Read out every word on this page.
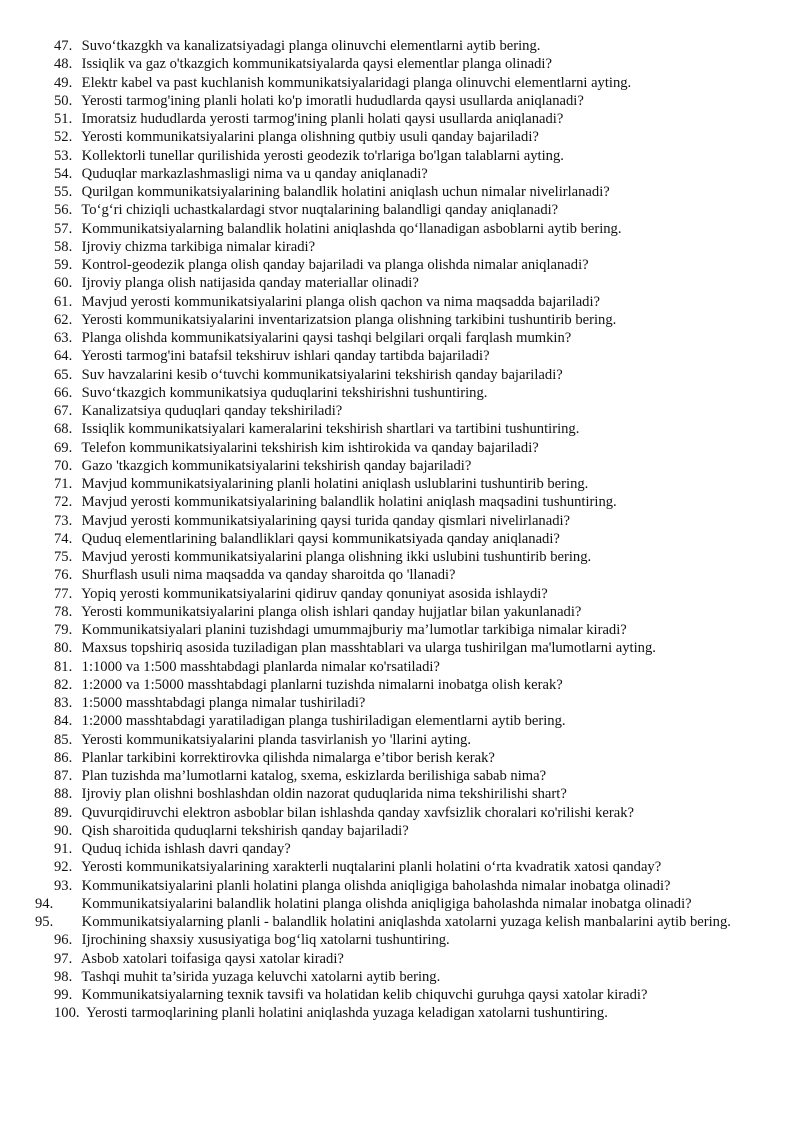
47. Suvo‘tkazgkh va kanalizatsiyadagi planga olinuvchi elementlarni aytib bering.

48. Issiqlik va gaz o'tkazgich kommunikatsiyalarda qaysi elementlar planga olinadi?

49. Elektr kabel va past kuchlanish kommunikatsiyalaridagi planga olinuvchi elementlarni ayting.

50. Yerosti tarmog'ining planli holati ko'p imoratli hududlarda qaysi usullarda aniqlanadi?

51. Imoratsiz hududlarda yerosti tarmog'ining planli holati qaysi usullarda aniqlanadi?

52. Yerosti kommunikatsiyalarini planga olishning qutbiy usuli qanday bajariladi?

53. Kollektorli tunellar qurilishida yerosti geodezik to'rlariga bo'lgan talablarni ayting.

54. Quduqlar markazlashmasligi nima va u qanday aniqlanadi?

55. Qurilgan kommunikatsiyalarining balandlik holatini aniqlash uchun nimalar nivelirlanadi?

56. To‘g‘ri chiziqli uchastkalardagi stvor nuqtalarining balandligi qanday aniqlanadi?

57. Kommunikatsiyalarning balandlik holatini aniqlashda qo‘llanadigan asboblarni aytib bering.

58. Ijroviy chizma tarkibiga nimalar kiradi?

59. Kontrol-geodezik planga olish qanday bajariladi va planga olishda nimalar aniqlanadi?

60. Ijroviy planga olish natijasida qanday materiallar olinadi?

61. Mavjud yerosti kommunikatsiyalarini planga olish qachon va nima maqsadda bajariladi?

62. Yerosti kommunikatsiyalarini inventarizatsion planga olishning tarkibini tushuntirib bering.

63. Planga olishda kommunikatsiyalarini qaysi tashqi belgilari orqali farqlash mumkin?

64. Yerosti tarmog'ini batafsil tekshiruv ishlari qanday tartibda bajariladi?

65. Suv havzalarini kesib o‘tuvchi kommunikatsiyalarini tekshirish qanday bajariladi?

66. Suvo‘tkazgich kommunikatsiya quduqlarini tekshirishni tushuntiring.

67. Kanalizatsiya quduqlari qanday tekshiriladi?

68. Issiqlik kommunikatsiyalari kameralarini tekshirish shartlari va tartibini tushuntiring.

69. Telefon kommunikatsiyalarini tekshirish kim ishtirokida va qanday bajariladi?

70. Gazo 'tkazgich kommunikatsiyalarini tekshirish qanday bajariladi?

71. Mavjud kommunikatsiyalarining planli holatini aniqlash uslublarini tushuntirib bering.

72. Mavjud yerosti kommunikatsiyalarining balandlik holatini aniqlash maqsadini tushuntiring.

73. Mavjud yerosti kommunikatsiyalarining qaysi turida qanday qismlari nivelirlanadi?

74. Quduq elementlarining balandliklari qaysi kommunikatsiyada qanday aniqlanadi?

75. Mavjud yerosti kommunikatsiyalarini planga olishning ikki uslubini tushuntirib bering.

76. Shurflash usuli nima maqsadda va qanday sharoitda qo 'llanadi?

77. Yopiq yerosti kommunikatsiyalarini qidiruv qanday qonuniyat asosida ishlaydi?

78. Yerosti kommunikatsiyalarini planga olish ishlari qanday hujjatlar bilan yakunlanadi?

79. Kommunikatsiyalari planini tuzishdagi umummajburiy ma’lumotlar tarkibiga nimalar kiradi?

80. Maxsus topshiriq asosida tuziladigan plan masshtablari va ularga tushirilgan ma'lumotlarni ayting.

81. 1:1000 va 1:500 masshtabdagi planlarda nimalar кo'rsatiladi?

82. 1:2000 va 1:5000 masshtabdagi planlarni tuzishda nimalarni inobatga olish kerak?

83. 1:5000 masshtabdagi planga nimalar tushiriladi?

84. 1:2000 masshtabdagi yaratiladigan planga tushiriladigan elementlarni aytib bering.

85. Yerosti kommunikatsiyalarini planda tasvirlanish yo 'llarini ayting.

86. Planlar tarkibini korrektirovka qilishda nimalarga e’tibor berish kerak?

87. Plan tuzishda ma’lumotlarni katalog, sxema, eskizlarda berilishiga sabab nima?

88. Ijroviy plan olishni boshlashdan oldin nazorat quduqlarida nima tekshirilishi shart?

89. Quvurqidiruvchi elektron asboblar bilan ishlashda qanday xavfsizlik choralari кo'rilishi kerak?

90. Qish sharoitida quduqlarni tekshirish qanday bajariladi?

91. Quduq ichida ishlash davri qanday?

92. Yerosti kommunikatsiyalarining xarakterli nuqtalarini planli holatini o‘rta kvadratik xatosi qanday?

93. Kommunikatsiyalarini planli holatini planga olishda aniqligiga baholashda nimalar inobatga olinadi?

94. Kommunikatsiyalarini balandlik holatini planga olishda aniqligiga baholashda nimalar inobatga olinadi?

95. Kommunikatsiyalarning planli - balandlik holatini aniqlashda xatolarni yuzaga kelish manbalarini aytib bering.

96. Ijrochining shaxsiy xususiyatiga bog‘liq xatolarni tushuntiring.

97. Asbob xatolari toifasiga qaysi xatolar kiradi?

98. Tashqi muhit ta’sirida yuzaga keluvchi xatolarni aytib bering.

99. Kommunikatsiyalarning texnik tavsifi va holatidan kelib chiquvchi guruhga qaysi xatolar kiradi?

100. Yerosti tarmoqlarining planli holatini aniqlashda yuzaga keladigan xatolarni tushuntiring.
